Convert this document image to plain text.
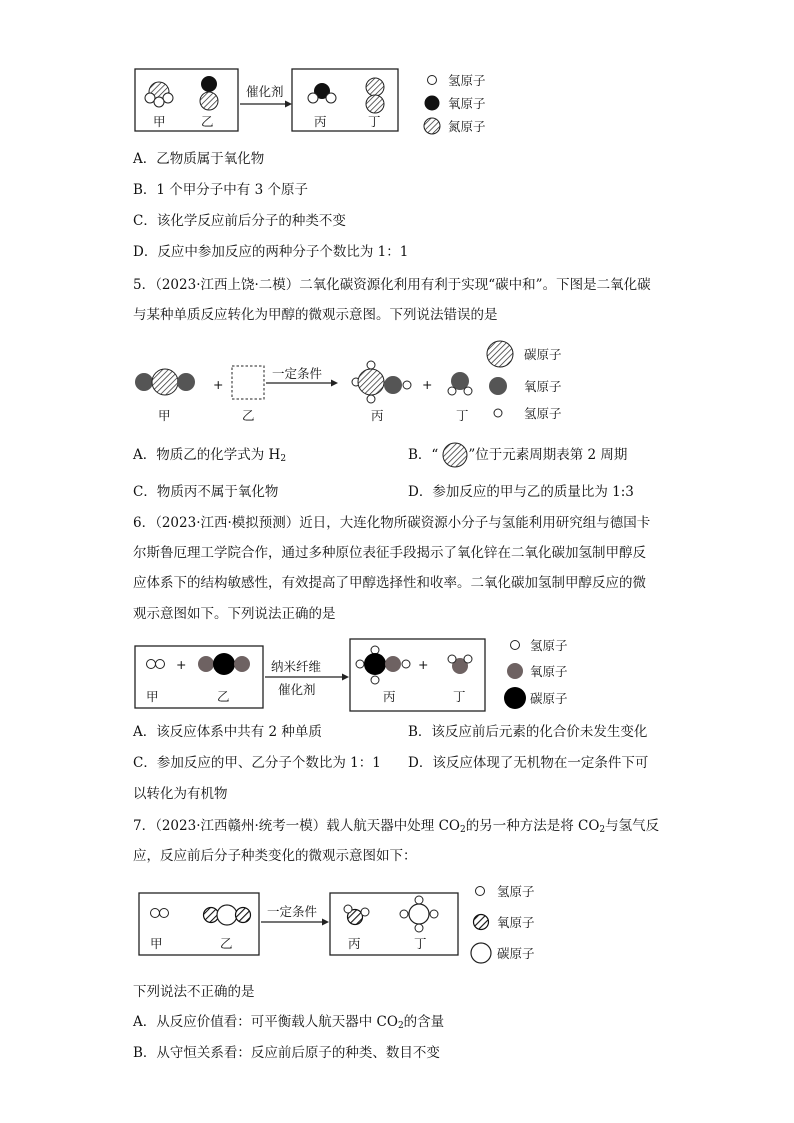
甲	乙
催化剂
丙	丁
氢原子
氧原子
氮原子
甲
+
乙
一定条件
丙
+
丁
碳原子
氧原子
氢原子
+
甲	乙
纳米纤维
催化剂	丙
+
丁
氢原子
氧原子
碳原子
甲	乙
一定条件
丙	丁
氢原子
氧原子
碳原子
A．乙物质属于氧化物
B．1 个甲分子中有 3 个原子
C．该化学反应前后分子的种类不变
D．反应中参加反应的两种分子个数比为 1：1
5．（2023·江西上饶·二模）二氧化碳资源化利用有利于实现“碳中和”。下图是二氧化碳
与某种单质反应转化为甲醇的微观示意图。下列说法错误的是
A．物质乙的化学式为 $H_2$	B．“ ”位于元素周期表第 2 周期
C．物质丙不属于氧化物	D．参加反应的甲与乙的质量比为 1:3
6．（2023·江西·模拟预测）近日，大连化物所碳资源小分子与氢能利用研究组与德国卡
尔斯鲁厄理工学院合作，通过多种原位表征手段揭示了氧化锌在二氧化碳加氢制甲醇反
应体系下的结构敏感性，有效提高了甲醇选择性和收率。二氧化碳加氢制甲醇反应的微
观示意图如下。下列说法正确的是
A．该反应体系中共有 2 种单质	B．该反应前后元素的化合价未发生变化
C．参加反应的甲、乙分子个数比为 1：1 D．该反应体现了无机物在一定条件下可
以转化为有机物
7．（2023·江西赣州·统考一模）载人航天器中处理 $CO_2$的另一种方法是将 $CO_2$与氢气反
应，反应前后分子种类变化的微观示意图如下：
下列说法不正确的是
A．从反应价值看：可平衡载人航天器中 $CO_2$的含量
B．从守恒关系看：反应前后原子的种类、数目不变
